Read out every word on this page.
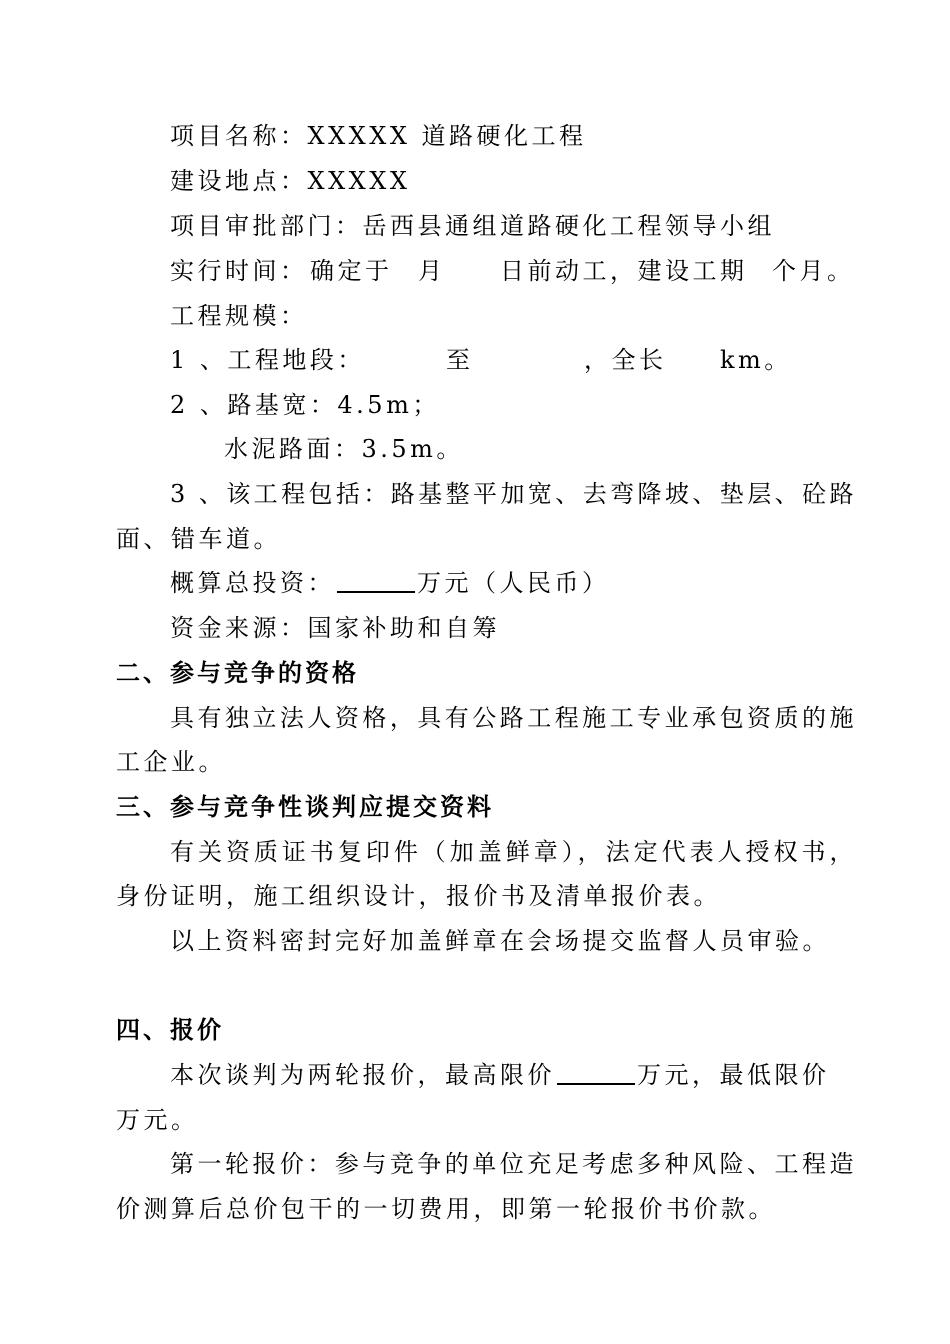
项目名称：XXXXX 道路硬化工程
建设地点：XXXXX
项目审批部门：岳西县通组道路硬化工程领导小组
实行时间： 确定于 月 日前动工，建设工期 个月。
工程规模：
1 、工程地段：	至	，全长 km。
2 、路基宽：4.5m；
水泥路面：3.5m。
3 、该工程包括：路基整平加宽、去弯降坡、垫层、砼路
面、错车道。
概算总投资：	万元（人民币）
资金来源：国家补助和自筹
二、参与竞争的资格
具有独立法人资格，具有公路工程施工专业承包资质的施
工企业。
三、参与竞争性谈判应提交资料
有关资质证书复印件（加盖鲜章），法定代表人授权书，
身份证明，施工组织设计，报价书及清单报价表。
以上资料密封完好加盖鲜章在会场提交监督人员审验。
四、报价
本次谈判为两轮报价，最高限价	万元，最低限价
万元。
第一轮报价：参与竞争的单位充足考虑多种风险、工程造
价测算后总价包干的一切费用，即第一轮报价书价款。
